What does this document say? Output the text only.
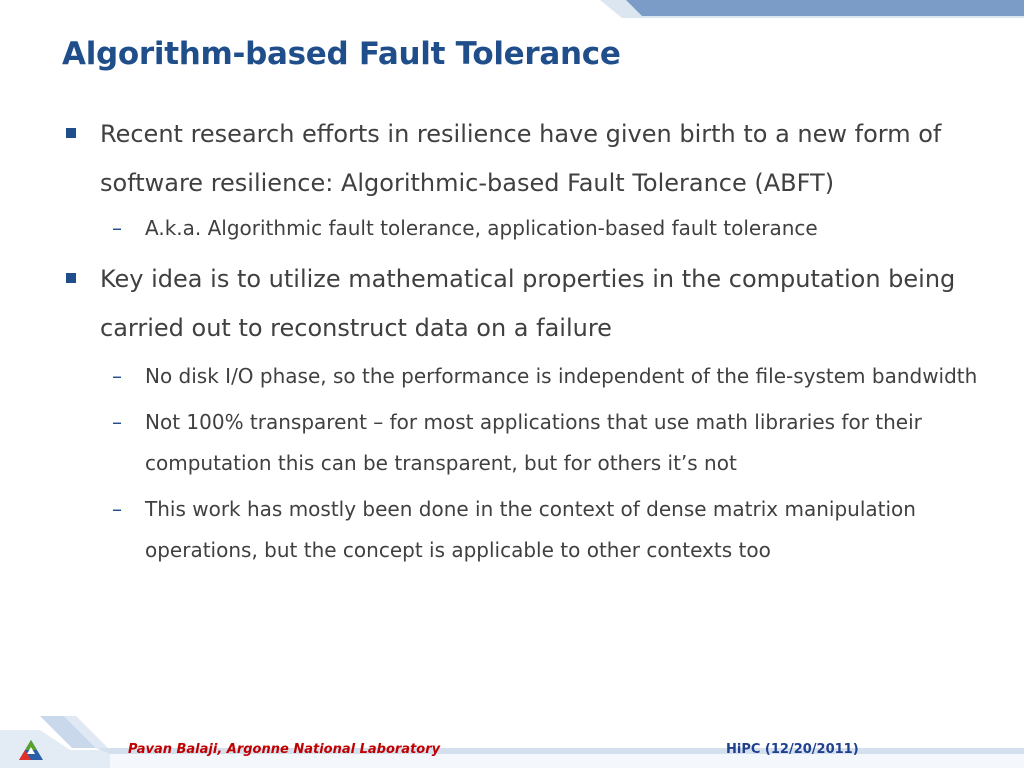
Algorithm-based Fault Tolerance
Recent research efforts in resilience have given birth to a new form of software resilience: Algorithmic-based Fault Tolerance (ABFT)
– A.k.a. Algorithmic fault tolerance, application-based fault tolerance
Key idea is to utilize mathematical properties in the computation being carried out to reconstruct data on a failure
– No disk I/O phase, so the performance is independent of the file-system bandwidth
– Not 100% transparent – for most applications that use math libraries for their computation this can be transparent, but for others it’s not
– This work has mostly been done in the context of dense matrix manipulation operations, but the concept is applicable to other contexts too
Pavan Balaji, Argonne National Laboratory	HiPC (12/20/2011)
